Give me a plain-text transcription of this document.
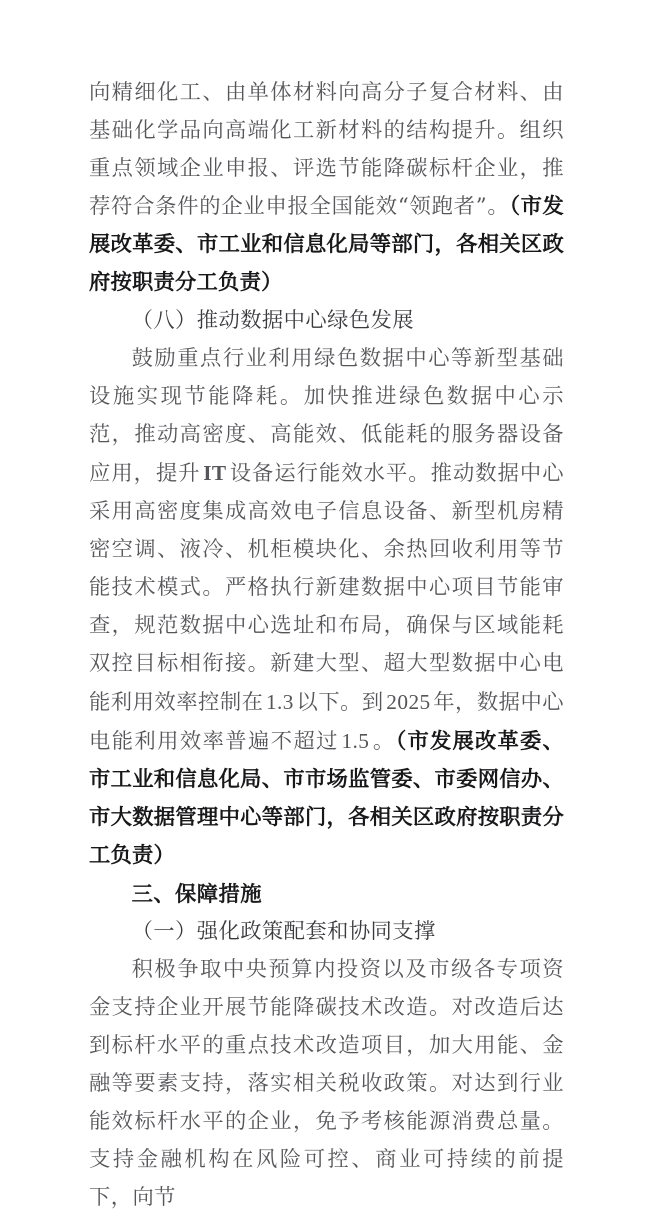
向精细化工、由单体材料向高分子复合材料、由基础化学品向高端化工新材料的结构提升。组织重点领域企业申报、评选节能降碳标杆企业，推荐符合条件的企业申报全国能效“领跑者”。（市发展改革委、市工业和信息化局等部门，各相关区政府按职责分工负责）

（八）推动数据中心绿色发展

鼓励重点行业利用绿色数据中心等新型基础设施实现节能降耗。加快推进绿色数据中心示范，推动高密度、高能效、低能耗的服务器设备应用，提升 IT 设备运行能效水平。推动数据中心采用高密度集成高效电子信息设备、新型机房精密空调、液冷、机柜模块化、余热回收利用等节能技术模式。严格执行新建数据中心项目节能审查，规范数据中心选址和布局，确保与区域能耗双控目标相衔接。新建大型、超大型数据中心电能利用效率控制在 1.3 以下。到 2025 年，数据中心电能利用效率普遍不超过 1.5 。（市发展改革委、市工业和信息化局、市市场监管委、市委网信办、市大数据管理中心等部门，各相关区政府按职责分工负责）

三、保障措施

（一）强化政策配套和协同支撑

积极争取中央预算内投资以及市级各专项资金支持企业开展节能降碳技术改造。对改造后达到标杆水平的重点技术改造项目，加大用能、金融等要素支持，落实相关税收政策。对达到行业能效标杆水平的企业，免予考核能源消费总量。支持金融机构在风险可控、商业可持续的前提下，向节
